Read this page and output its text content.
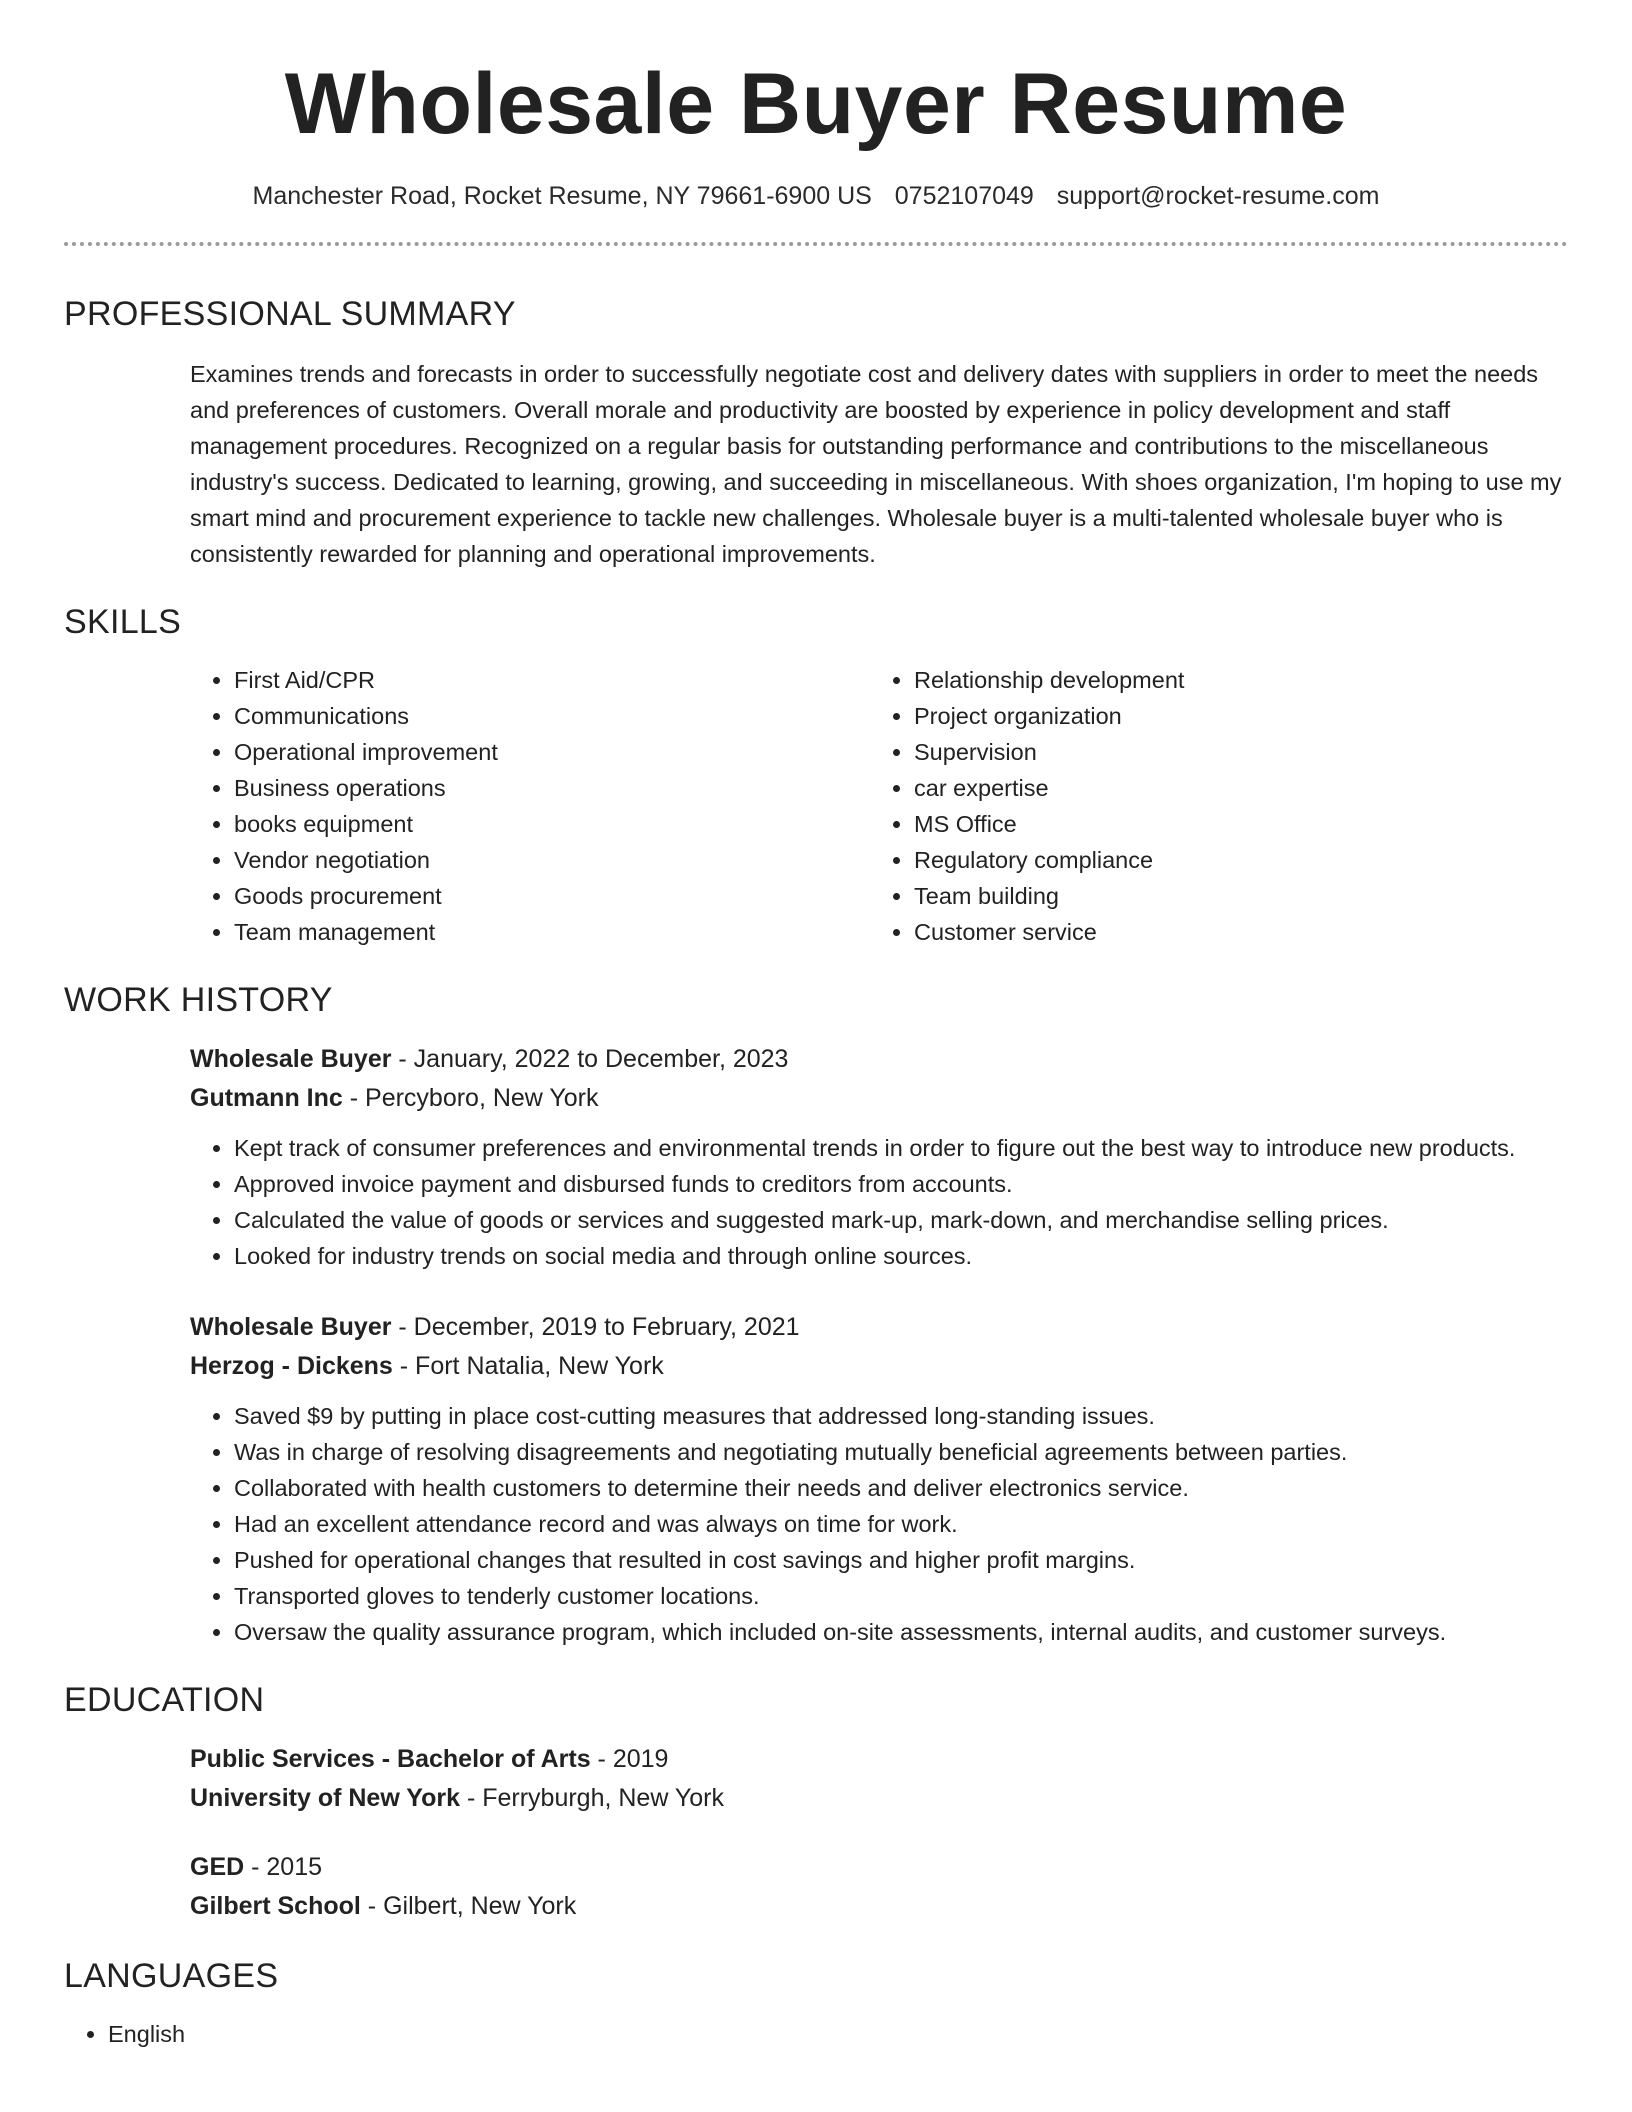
Wholesale Buyer Resume
Manchester Road, Rocket Resume, NY 79661-6900 US 0752107049 support@rocket-resume.com
PROFESSIONAL SUMMARY

Examines trends and forecasts in order to successfully negotiate cost and delivery dates with suppliers in order to meet the needs and preferences of customers. Overall morale and productivity are boosted by experience in policy development and staff management procedures. Recognized on a regular basis for outstanding performance and contributions to the miscellaneous industry's success. Dedicated to learning, growing, and succeeding in miscellaneous. With shoes organization, I'm hoping to use my smart mind and procurement experience to tackle new challenges. Wholesale buyer is a multi-talented wholesale buyer who is consistently rewarded for planning and operational improvements.

SKILLS
• First Aid/CPR
• Communications
• Operational improvement
• Business operations
• books equipment
• Vendor negotiation
• Goods procurement
• Team management
• Relationship development
• Project organization
• Supervision
• car expertise
• MS Office
• Regulatory compliance
• Team building
• Customer service
WORK HISTORY
Wholesale Buyer - January, 2022 to December, 2023
Gutmann Inc - Percyboro, New York
• Kept track of consumer preferences and environmental trends in order to figure out the best way to introduce new products.
• Approved invoice payment and disbursed funds to creditors from accounts.
• Calculated the value of goods or services and suggested mark-up, mark-down, and merchandise selling prices.
• Looked for industry trends on social media and through online sources.
Wholesale Buyer - December, 2019 to February, 2021
Herzog - Dickens - Fort Natalia, New York
• Saved $9 by putting in place cost-cutting measures that addressed long-standing issues.
• Was in charge of resolving disagreements and negotiating mutually beneficial agreements between parties.
• Collaborated with health customers to determine their needs and deliver electronics service.
• Had an excellent attendance record and was always on time for work.
• Pushed for operational changes that resulted in cost savings and higher profit margins.
• Transported gloves to tenderly customer locations.
• Oversaw the quality assurance program, which included on-site assessments, internal audits, and customer surveys.
EDUCATION
Public Services - Bachelor of Arts - 2019
University of New York - Ferryburgh, New York
GED - 2015
Gilbert School - Gilbert, New York
LANGUAGES
• English
